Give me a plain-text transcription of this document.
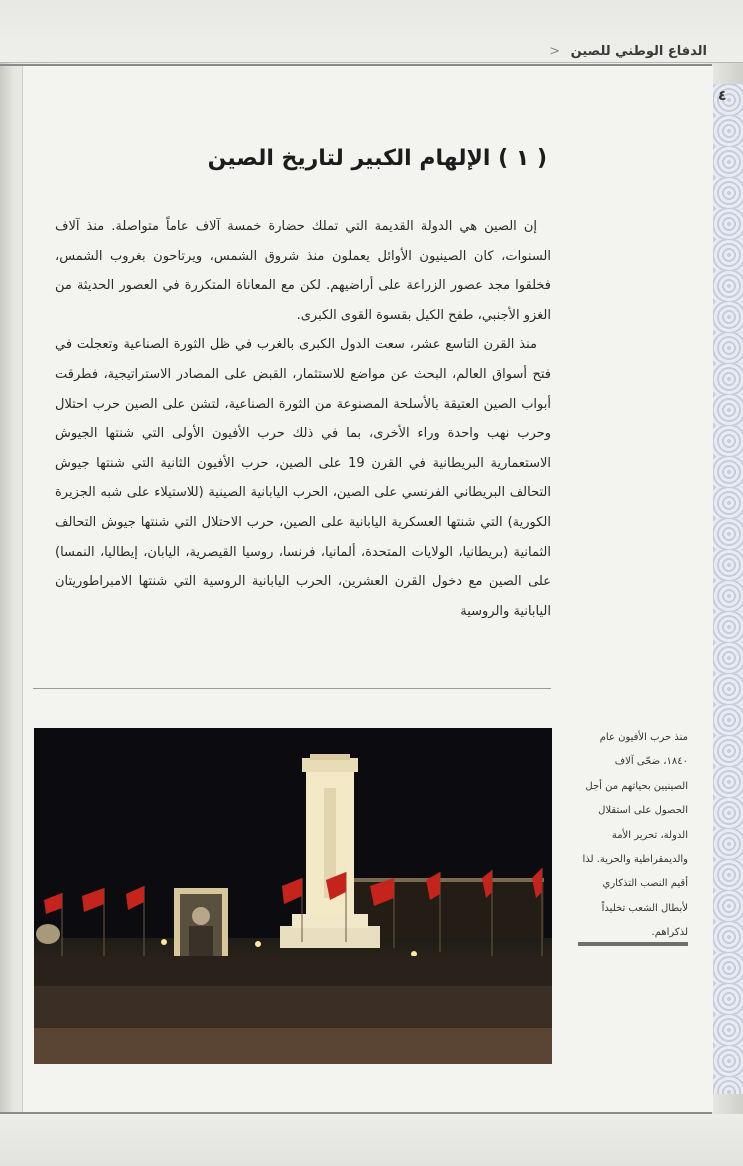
الدفاع الوطني للصين <
٤
( ١ ) الإلهام الكبير لتاريخ الصين

إن الصين هي الدولة القديمة التي تملك حضارة خمسة آلاف عاماً متواصلة. منذ آلاف السنوات، كان الصينيون الأوائل يعملون منذ شروق الشمس، ويرتاحون بغروب الشمس، فخلقوا مجد عصور الزراعة على أراضيهم. لكن مع المعاناة المتكررة في العصور الحديثة من الغزو الأجنبي، طفح الكيل بقسوة القوى الكبرى.

منذ القرن التاسع عشر، سعت الدول الكبرى بالغرب في ظل الثورة الصناعية وتعجلت في فتح أسواق العالم، البحث عن مواضع للاستثمار، القبض على المصادر الاستراتيجية، فطرقت أبواب الصين العتيقة بالأسلحة المصنوعة من الثورة الصناعية، لتشن على الصين حرب احتلال وحرب نهب واحدة وراء الأخرى، بما في ذلك حرب الأفيون الأولى التي شنتها الجيوش الاستعمارية البريطانية في القرن 19 على الصين، حرب الأفيون الثانية التي شنتها جيوش التحالف البريطاني الفرنسي على الصين، الحرب اليابانية الصينية (للاستيلاء على شبه الجزيرة الكورية) التي شنتها العسكرية اليابانية على الصين، حرب الاحتلال التي شنتها جيوش التحالف الثمانية (بريطانيا، الولايات المتحدة، ألمانيا، فرنسا، روسيا القيصرية، اليابان، إيطاليا، النمسا) على الصين مع دخول القرن العشرين، الحرب اليابانية الروسية التي شنتها الامبراطوريتان اليابانية والروسية

منذ حرب الأفيون عام ١٨٤٠، ضحّى آلاف الصينيين بحياتهم من أجل الحصول على استقلال الدولة، تحرير الأمة والديمقراطية والحرية. لذا أقيم النصب التذكاري لأبطال الشعب تخليداً لذكراهم.
